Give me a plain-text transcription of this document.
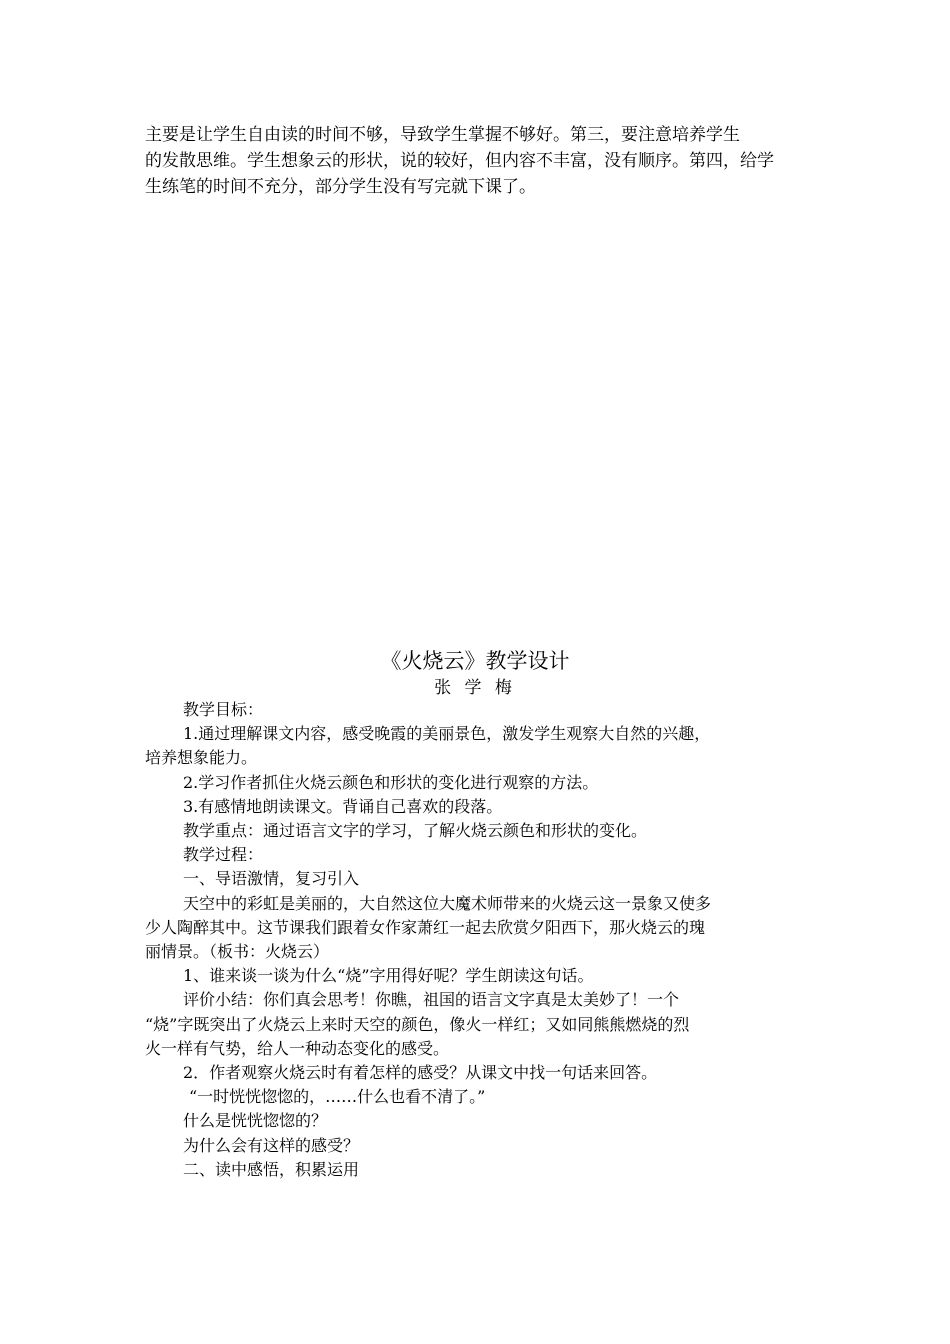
主要是让学生自由读的时间不够，导致学生掌握不够好。第三，要注意培养学生
的发散思维。学生想象云的形状，说的较好，但内容不丰富，没有顺序。第四，给学
生练笔的时间不充分，部分学生没有写完就下课了。
《火烧云》教学设计
张 学 梅
教学目标：
1.通过理解课文内容，感受晚霞的美丽景色，激发学生观察大自然的兴趣，
培养想象能力。
2.学习作者抓住火烧云颜色和形状的变化进行观察的方法。
3.有感情地朗读课文。背诵自己喜欢的段落。
教学重点：通过语言文字的学习，了解火烧云颜色和形状的变化。
教学过程：
一、导语激情，复习引入
天空中的彩虹是美丽的，大自然这位大魔术师带来的火烧云这一景象又使多
少人陶醉其中。这节课我们跟着女作家萧红一起去欣赏夕阳西下，那火烧云的瑰
丽情景。（板书：火烧云）
1、谁来谈一谈为什么“烧”字用得好呢？学生朗读这句话。
评价小结：你们真会思考！你瞧，祖国的语言文字真是太美妙了！一个
“烧”字既突出了火烧云上来时天空的颜色，像火一样红；又如同熊熊燃烧的烈
火一样有气势，给人一种动态变化的感受。
2．作者观察火烧云时有着怎样的感受？从课文中找一句话来回答。
“一时恍恍惚惚的，……什么也看不清了。”
什么是恍恍惚惚的？
为什么会有这样的感受？
二、读中感悟，积累运用
